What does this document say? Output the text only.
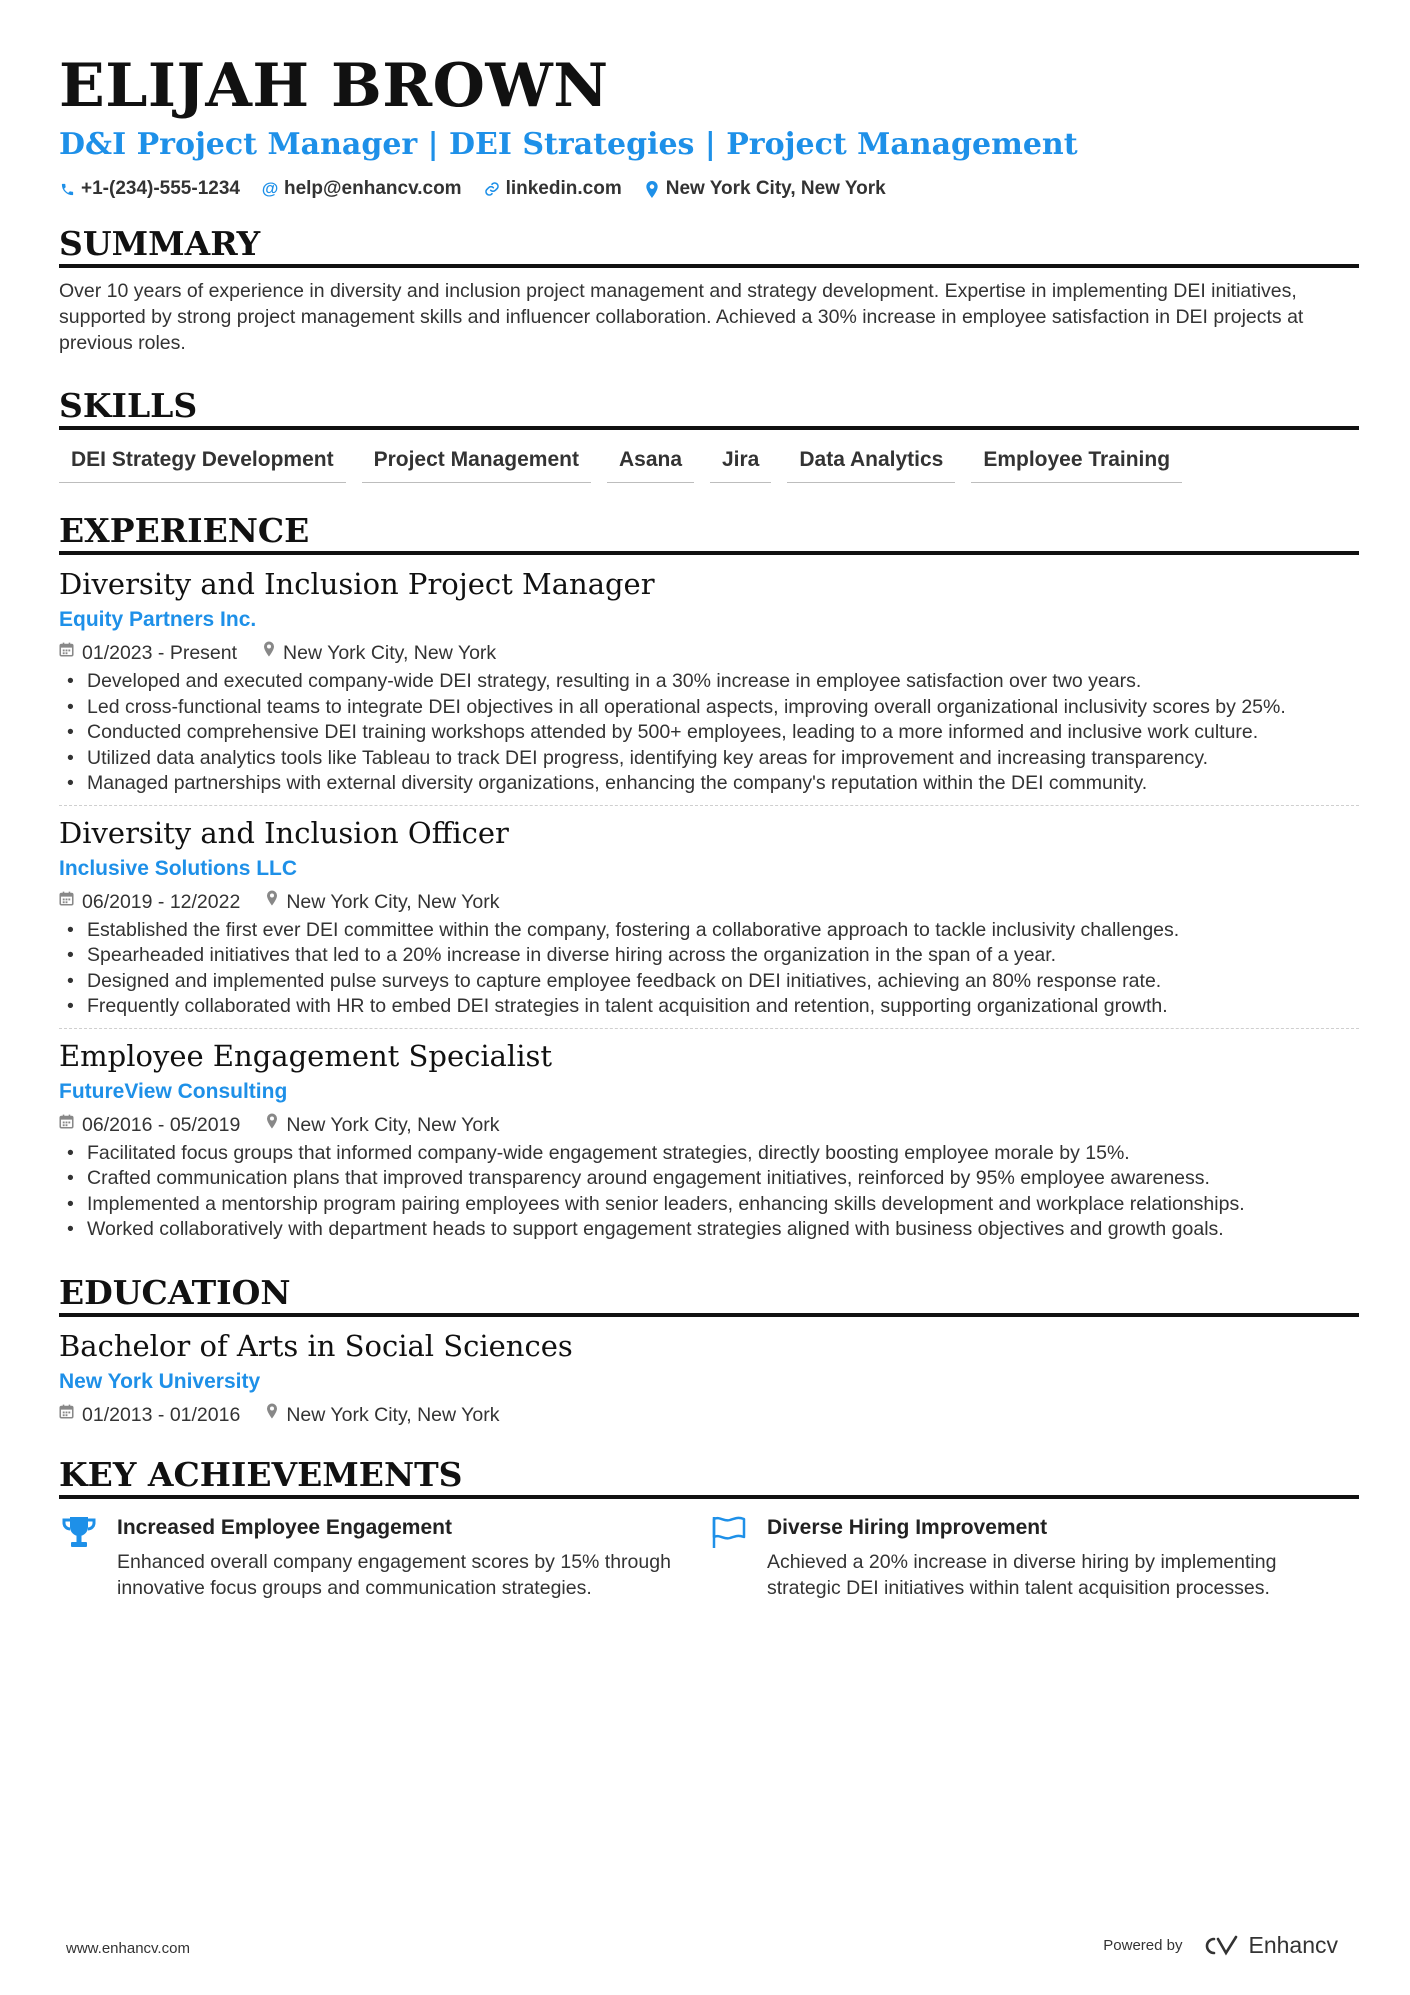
ELIJAH BROWN
D&I Project Manager | DEI Strategies | Project Management
+1-(234)-555-1234 @ help@enhancv.com linkedin.com New York City, New York
SUMMARY
Over 10 years of experience in diversity and inclusion project management and strategy development. Expertise in implementing DEI initiatives, supported by strong project management skills and influencer collaboration. Achieved a 30% increase in employee satisfaction in DEI projects at previous roles.
SKILLS
DEI Strategy Development	Project Management	Asana	Jira	Data Analytics	Employee Training
EXPERIENCE
Diversity and Inclusion Project Manager
Equity Partners Inc.
01/2023 - Present New York City, New York
• Developed and executed company-wide DEI strategy, resulting in a 30% increase in employee satisfaction over two years.
• Led cross-functional teams to integrate DEI objectives in all operational aspects, improving overall organizational inclusivity scores by 25%.
• Conducted comprehensive DEI training workshops attended by 500+ employees, leading to a more informed and inclusive work culture.
• Utilized data analytics tools like Tableau to track DEI progress, identifying key areas for improvement and increasing transparency.
• Managed partnerships with external diversity organizations, enhancing the company's reputation within the DEI community.
Diversity and Inclusion Officer
Inclusive Solutions LLC
06/2019 - 12/2022 New York City, New York
• Established the first ever DEI committee within the company, fostering a collaborative approach to tackle inclusivity challenges.
• Spearheaded initiatives that led to a 20% increase in diverse hiring across the organization in the span of a year.
• Designed and implemented pulse surveys to capture employee feedback on DEI initiatives, achieving an 80% response rate.
• Frequently collaborated with HR to embed DEI strategies in talent acquisition and retention, supporting organizational growth.
Employee Engagement Specialist
FutureView Consulting
06/2016 - 05/2019 New York City, New York
• Facilitated focus groups that informed company-wide engagement strategies, directly boosting employee morale by 15%.
• Crafted communication plans that improved transparency around engagement initiatives, reinforced by 95% employee awareness.
• Implemented a mentorship program pairing employees with senior leaders, enhancing skills development and workplace relationships.
• Worked collaboratively with department heads to support engagement strategies aligned with business objectives and growth goals.
EDUCATION
Bachelor of Arts in Social Sciences
New York University
01/2013 - 01/2016 New York City, New York
KEY ACHIEVEMENTS
Increased Employee Engagement
Enhanced overall company engagement scores by 15% through innovative focus groups and communication strategies.
Diverse Hiring Improvement
Achieved a 20% increase in diverse hiring by implementing strategic DEI initiatives within talent acquisition processes.
www.enhancv.com	Powered by	Enhancv
